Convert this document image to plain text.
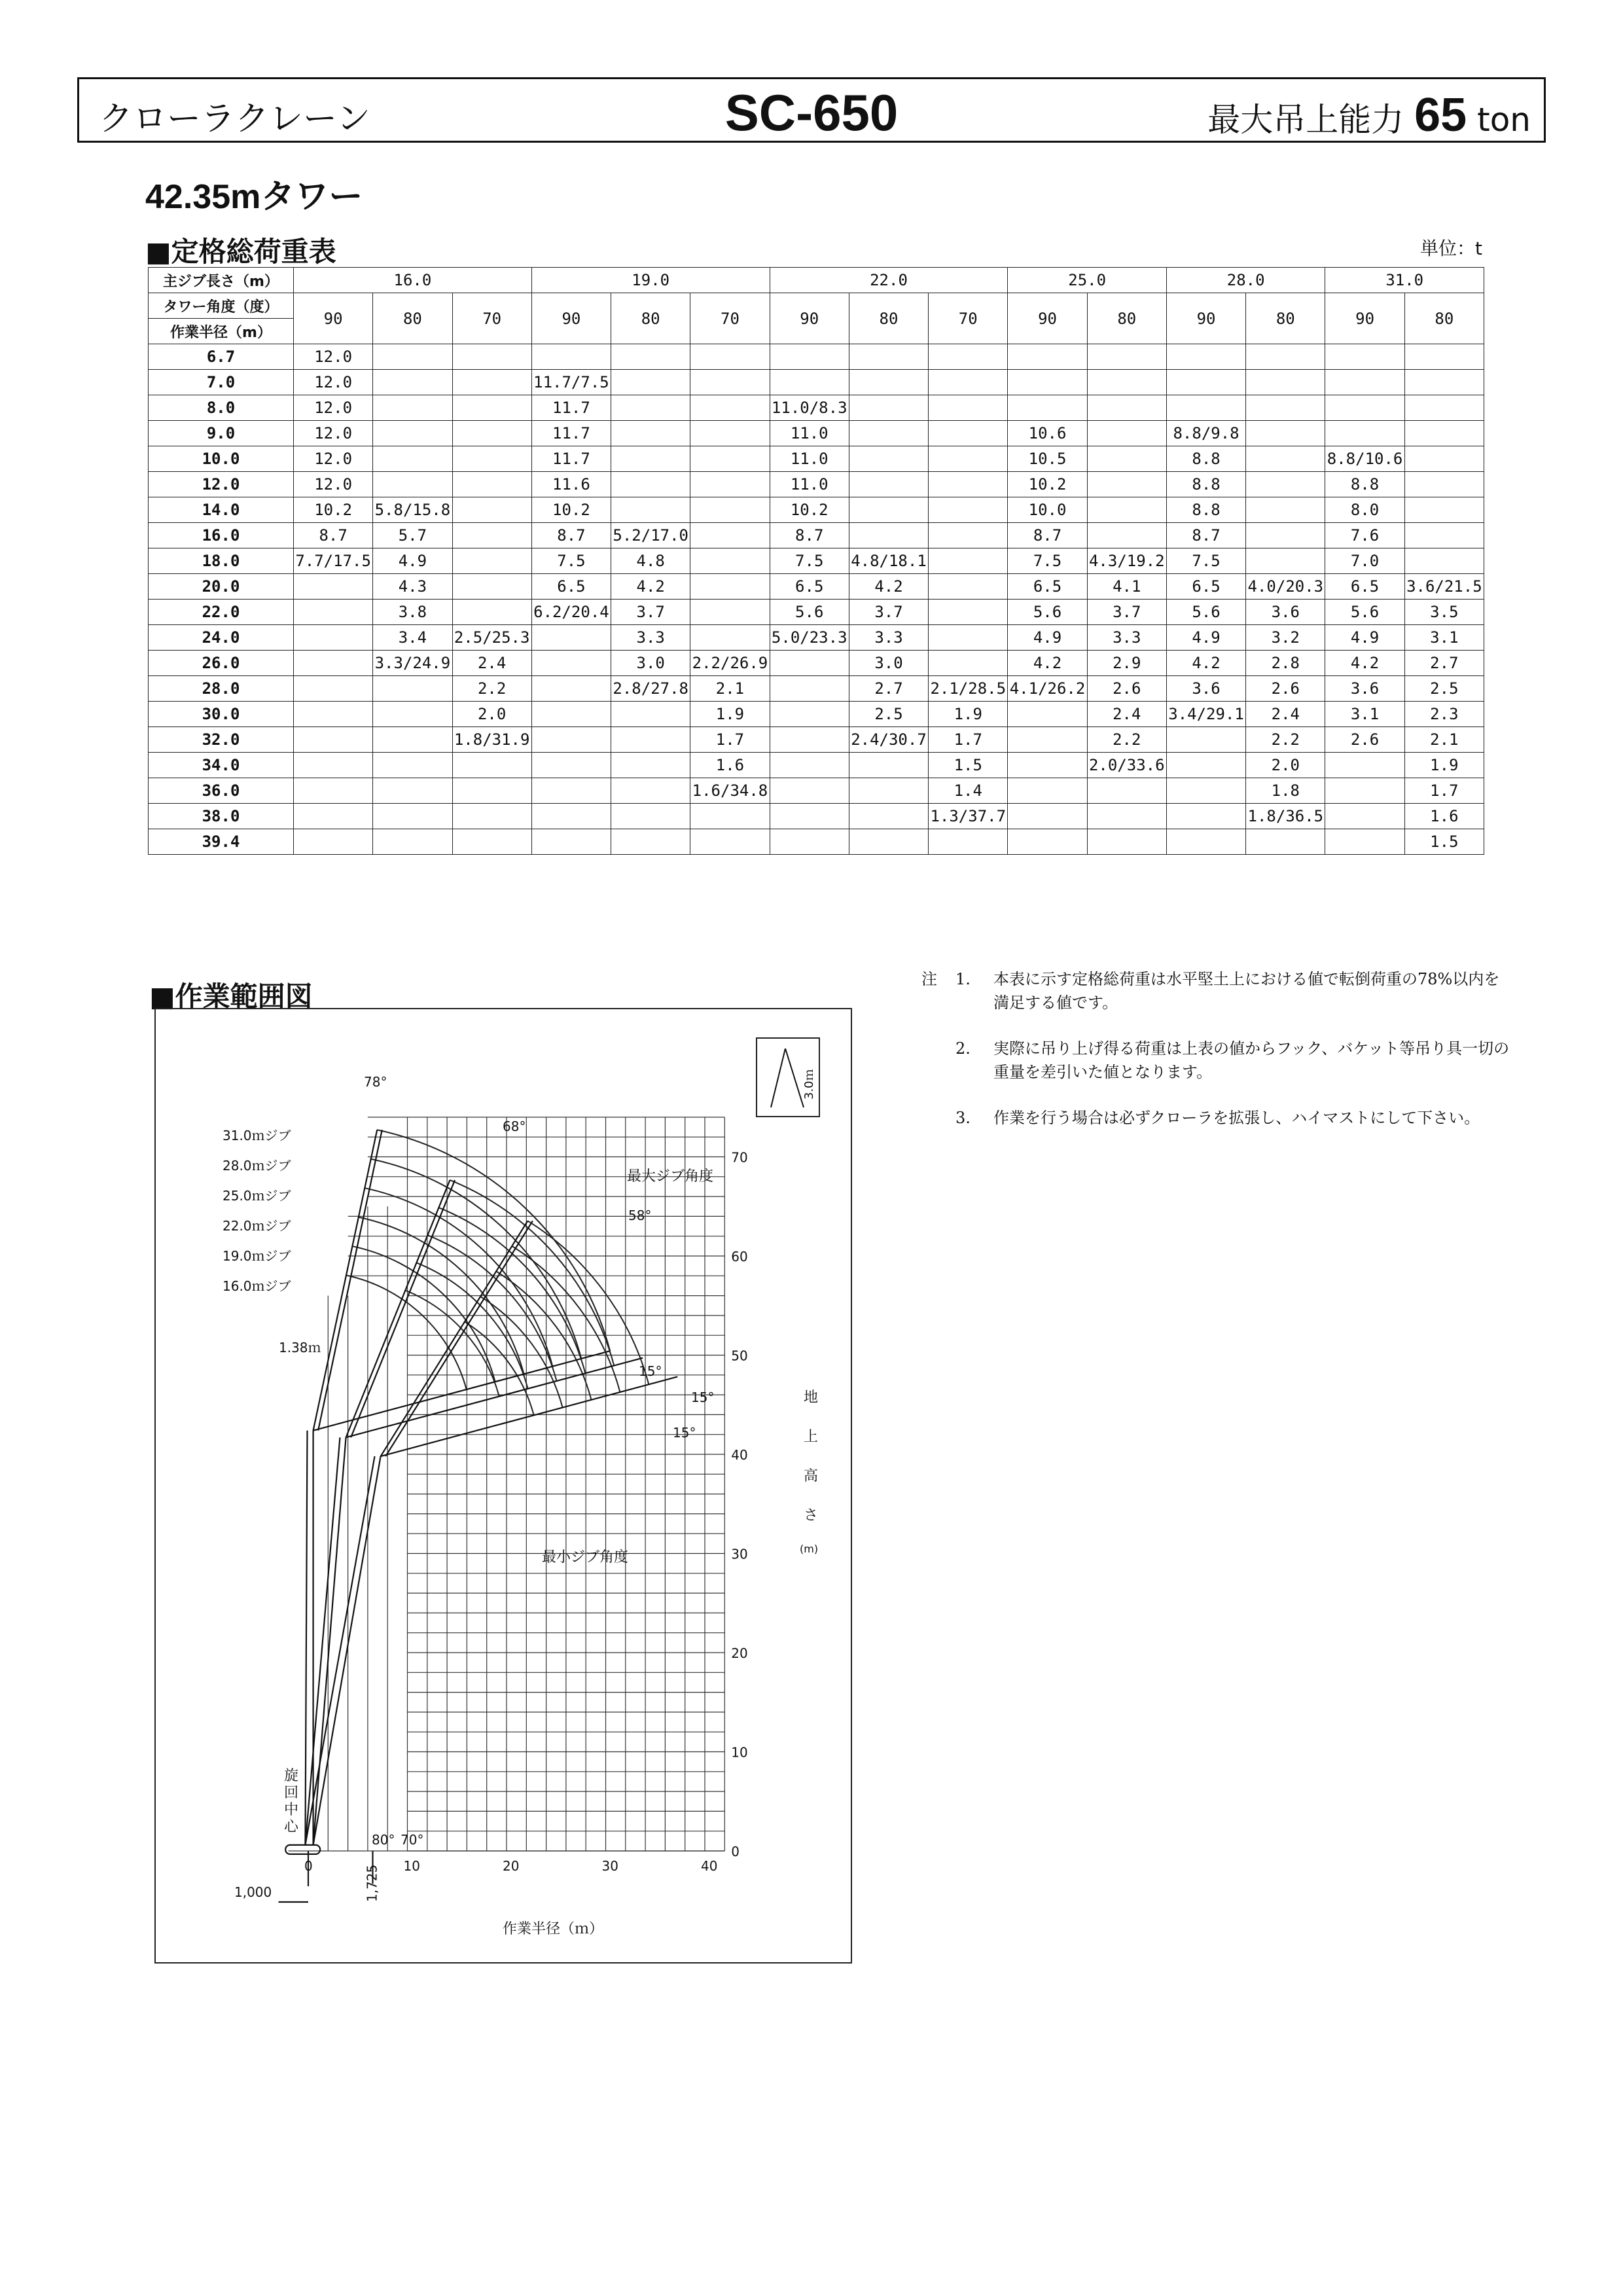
クローラクレーン	SC-650	最大吊上能力 65 ton
42.35mタワー
■定格総荷重表	単位：t
主ジブ長さ（m）	16.0			19.0			22.0			25.0		28.0		31.0	
タワー角度（度）	90	80	70	90	80	70	90	80	70	90	80	90	80	90	80
作業半径（m）															
6.7	12.0														
7.0	12.0			11.7/7.5											
8.0	12.0			11.7			11.0/8.3								
9.0	12.0			11.7			11.0			10.6		8.8/9.8			
10.0	12.0			11.7			11.0			10.5		8.8		8.8/10.6	
12.0	12.0			11.6			11.0			10.2		8.8		8.8	
14.0	10.2	5.8/15.8		10.2			10.2			10.0		8.8		8.0	
16.0	8.7	5.7		8.7	5.2/17.0		8.7			8.7		8.7		7.6	
18.0	7.7/17.5	4.9		7.5	4.8		7.5	4.8/18.1		7.5	4.3/19.2	7.5		7.0	
20.0		4.3		6.5	4.2		6.5	4.2		6.5	4.1	6.5	4.0/20.3	6.5	3.6/21.5
22.0		3.8		6.2/20.4	3.7		5.6	3.7		5.6	3.7	5.6	3.6	5.6	3.5
24.0		3.4	2.5/25.3		3.3		5.0/23.3	3.3		4.9	3.3	4.9	3.2	4.9	3.1
26.0		3.3/24.9	2.4		3.0	2.2/26.9		3.0		4.2	2.9	4.2	2.8	4.2	2.7
28.0			2.2		2.8/27.8	2.1		2.7	2.1/28.5	4.1/26.2	2.6	3.6	2.6	3.6	2.5
30.0			2.0			1.9		2.5	1.9		2.4	3.4/29.1	2.4	3.1	2.3
32.0			1.8/31.9			1.7		2.4/30.7	1.7		2.2		2.2	2.6	2.1
34.0						1.6			1.5		2.0/33.6		2.0		1.9
36.0						1.6/34.8			1.4				1.8		1.7
38.0									1.3/37.7				1.8/36.5		1.6
39.4															1.5
■作業範囲図
0	10	20	30	40
0
10
20
30
40
50
60
70
31.0ｍジブ
28.0ｍジブ
25.0ｍジブ
22.0ｍジブ
19.0ｍジブ
16.0ｍジブ
78°
68°
58°
15°
15°
15°
最大ジブ角度
最小ジブ角度
1.38ｍ
80° 70°
1,000
作業半径（ｍ）
旋
回
中
心
1,725
地
上
高
さ
(m)
3.0ｍ
注 1. 本表に示す定格総荷重は水平堅土上における値で転倒荷重の78%以内を満足する値です。
2. 実際に吊り上げ得る荷重は上表の値からフック、バケット等吊り具一切の重量を差引いた値となります。
3. 作業を行う場合は必ずクローラを拡張し、ハイマストにして下さい。
